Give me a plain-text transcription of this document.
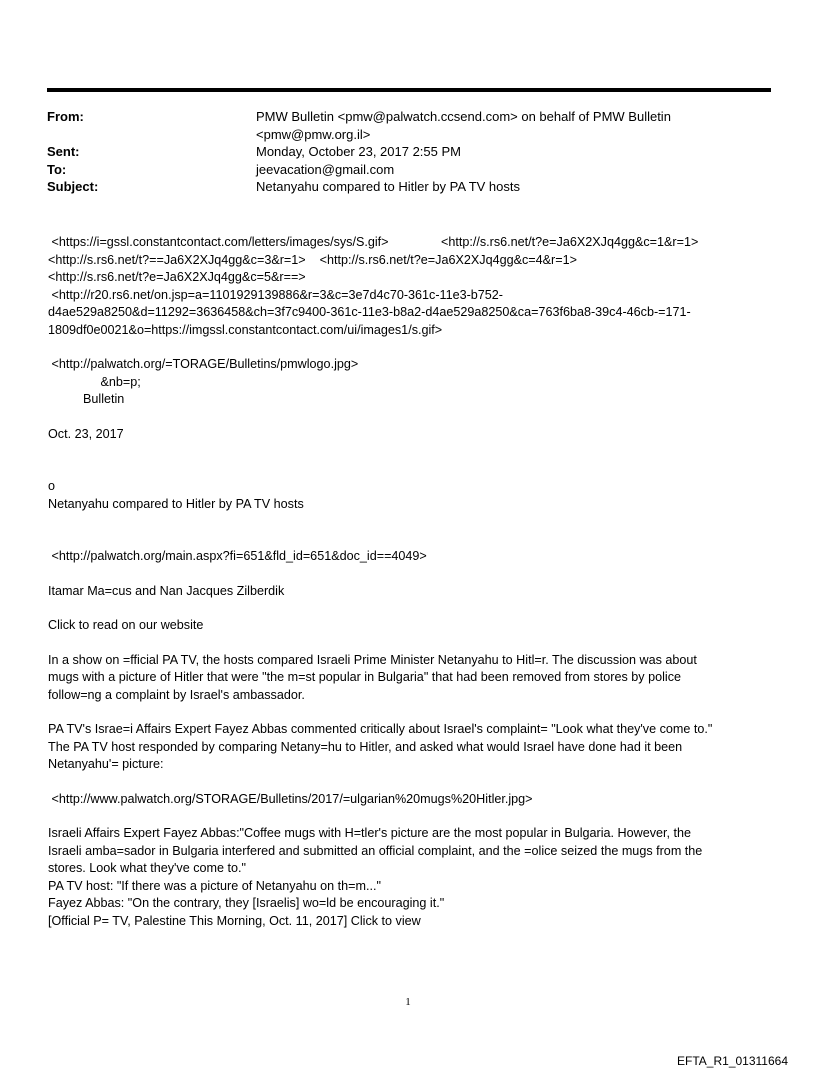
From:	PMW Bulletin <pmw@palwatch.ccsend.com> on behalf of PMW Bulletin
<pmw@pmw.org.il>
Sent:	Monday, October 23, 2017 2:55 PM
To:	jeevacation@gmail.com
Subject:	Netanyahu compared to Hitler by PA TV hosts

<https://i=gssl.constantcontact.com/letters/images/sys/S.gif>               <http://s.rs6.net/t?e=Ja6X2XJq4gg&c=1&r=1>

<http://s.rs6.net/t?==Ja6X2XJq4gg&c=3&r=1>    <http://s.rs6.net/t?e=Ja6X2XJq4gg&c=4&r=1>

<http://s.rs6.net/t?e=Ja6X2XJq4gg&c=5&r==>

<http://r20.rs6.net/on.jsp=a=1101929139886&r=3&c=3e7d4c70-361c-11e3-b752-

d4ae529a8250&d=11292=3636458&ch=3f7c9400-361c-11e3-b8a2-d4ae529a8250&ca=763f6ba8-39c4-46cb-=171-

1809df0e0021&o=https://imgssl.constantcontact.com/ui/images1/s.gif>

<http://palwatch.org/=TORAGE/Bulletins/pmwlogo.jpg>

&nb=p;

Bulletin

Oct. 23, 2017

o

Netanyahu compared to Hitler by PA TV hosts

<http://palwatch.org/main.aspx?fi=651&fld_id=651&doc_id==4049>

Itamar Ma=cus and Nan Jacques Zilberdik

Click to read on our website

In a show on =fficial PA TV, the hosts compared Israeli Prime Minister Netanyahu to Hitl=r. The discussion was about

mugs with a picture of Hitler that were "the m=st popular in Bulgaria" that had been removed from stores by police

follow=ng a complaint by Israel's ambassador.

PA TV's Israe=i Affairs Expert Fayez Abbas commented critically about Israel's complaint= "Look what they've come to."

The PA TV host responded by comparing Netany=hu to Hitler, and asked what would Israel have done had it been

Netanyahu'= picture:

<http://www.palwatch.org/STORAGE/Bulletins/2017/=ulgarian%20mugs%20Hitler.jpg>

Israeli Affairs Expert Fayez Abbas:"Coffee mugs with H=tler's picture are the most popular in Bulgaria. However, the

Israeli amba=sador in Bulgaria interfered and submitted an official complaint, and the =olice seized the mugs from the

stores. Look what they've come to."

PA TV host: "If there was a picture of Netanyahu on th=m..."

Fayez Abbas: "On the contrary, they [Israelis] wo=ld be encouraging it."

[Official P= TV, Palestine This Morning, Oct. 11, 2017] Click to view

1
EFTA_R1_01311664
